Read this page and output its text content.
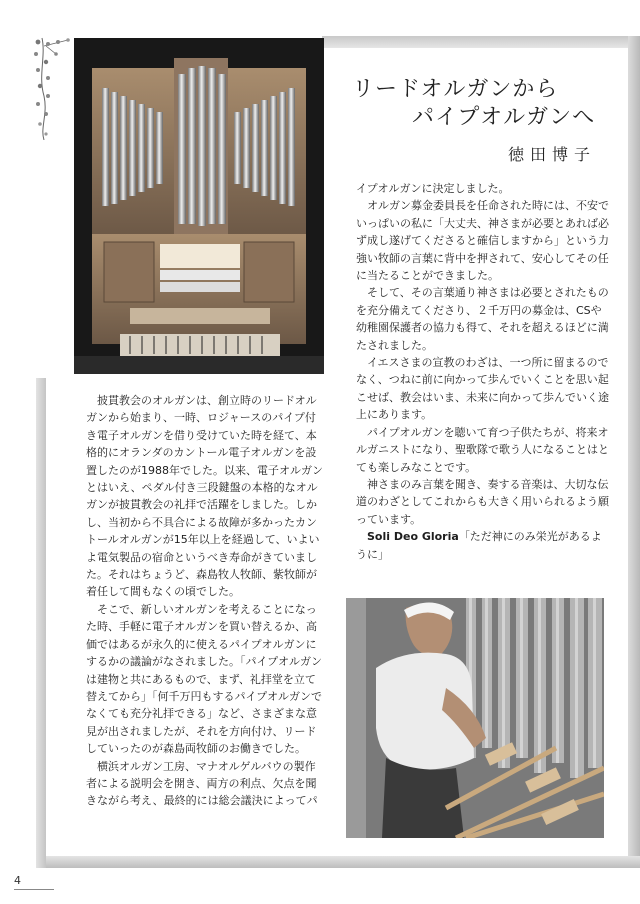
リードオルガンから
パイプオルガンへ
徳田博子

披貫教会のオルガンは、創立時のリードオルガンから始まり、一時、ロジャースのパイプ付き電子オルガンを借り受けていた時を経て、本格的にオランダのカントール電子オルガンを設置したのが1988年でした。以来、電子オルガンとはいえ、ペダル付き三段鍵盤の本格的なオルガンが披貫教会の礼拝で活躍をしました。しかし、当初から不具合による故障が多かったカントールオルガンが15年以上を経過して、いよいよ電気製品の宿命というべき寿命がきていました。それはちょうど、森島牧人牧師、紫牧師が着任して間もなくの頃でした。

そこで、新しいオルガンを考えることになった時、手軽に電子オルガンを買い替えるか、高価ではあるが永久的に使えるパイプオルガンにするかの議論がなされました。「パイプオルガンは建物と共にあるもので、まず、礼拝堂を立て替えてから」「何千万円もするパイプオルガンでなくても充分礼拝できる」など、さまざまな意見が出されましたが、それを方向付け、リードしていったのが森島両牧師のお働きでした。

横浜オルガン工房、マナオルゲルバウの製作者による説明会を開き、両方の利点、欠点を聞きながら考え、最終的には総会議決によってパ

イプオルガンに決定しました。

オルガン募金委員長を任命された時には、不安でいっぱいの私に「大丈夫、神さまが必要とあれば必ず成し遂げてくださると確信しますから」という力強い牧師の言葉に背中を押されて、安心してその任に当たることができました。

そして、その言葉通り神さまは必要とされたものを充分備えてくださり、２千万円の募金は、CSや幼稚園保護者の協力も得て、それを超えるほどに満たされました。

イエスさまの宣教のわざは、一つ所に留まるのでなく、つねに前に向かって歩んでいくことを思い起こせば、教会はいま、未来に向かって歩んでいく途上にあります。

パイプオルガンを聴いて育つ子供たちが、将来オルガニストになり、聖歌隊で歌う人になることはとても楽しみなことです。

神さまのみ言葉を聞き、奏する音楽は、大切な伝道のわざとしてこれからも大きく用いられるよう願っています。

Soli Deo Gloria「ただ神にのみ栄光があるように」

4
